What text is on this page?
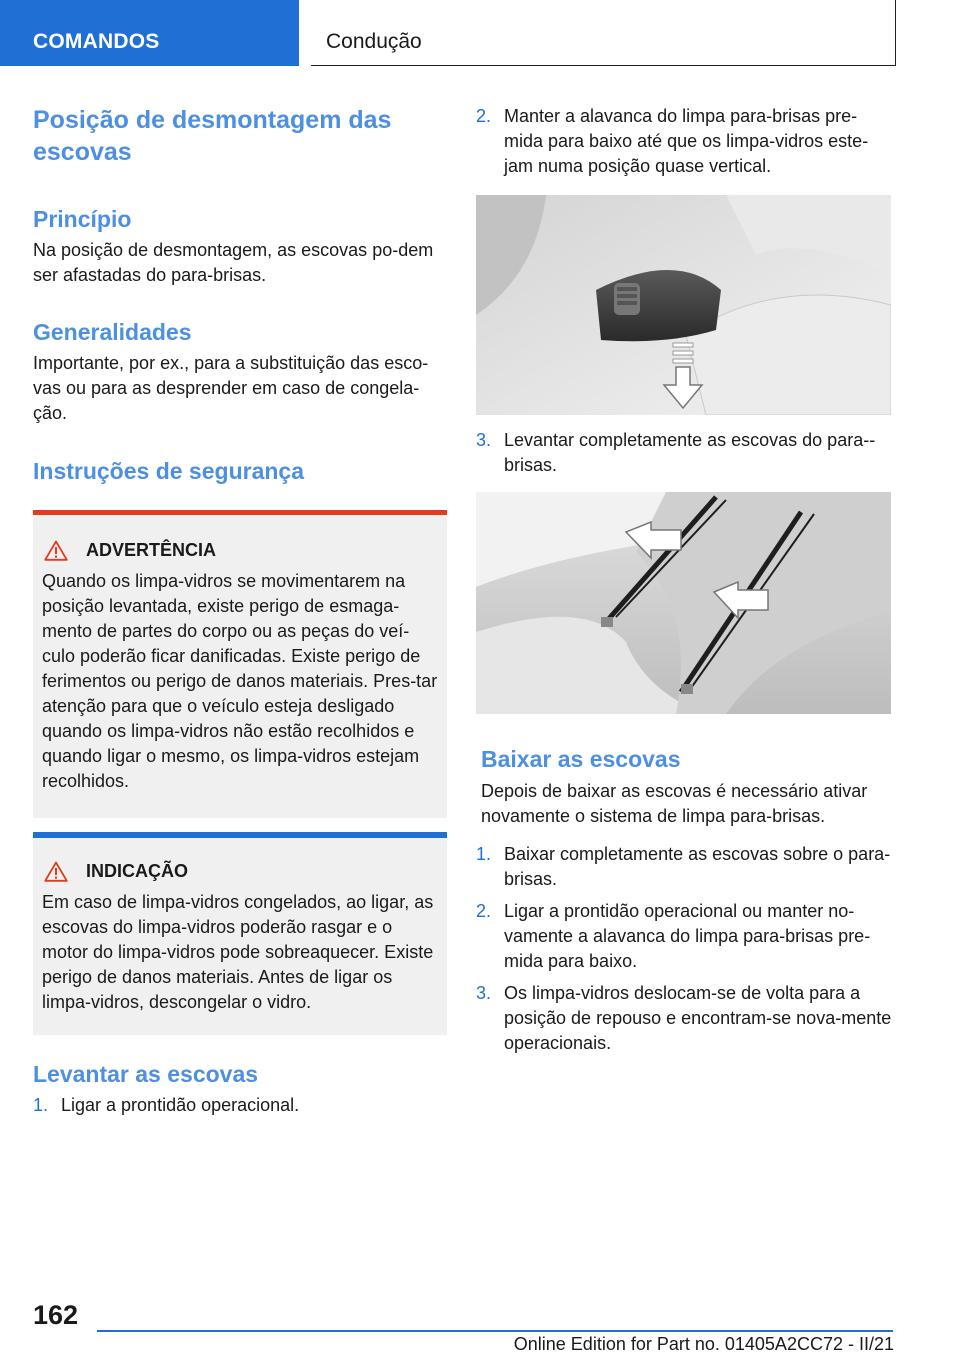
COMANDOS	Condução
Posição de desmontagem das escovas
Princípio

Na posição de desmontagem, as escovas po-dem ser afastadas do para-brisas.

Generalidades

Importante, por ex., para a substituição das esco-vas ou para as desprender em caso de congela-ção.

Instruções de segurança
ADVERTÊNCIA

Quando os limpa-vidros se movimentarem na posição levantada, existe perigo de esmaga-mento de partes do corpo ou as peças do veí-culo poderão ficar danificadas. Existe perigo de ferimentos ou perigo de danos materiais. Pres-tar atenção para que o veículo esteja desligado quando os limpa-vidros não estão recolhidos e quando ligar o mesmo, os limpa-vidros estejam recolhidos.

INDICAÇÃO

Em caso de limpa-vidros congelados, ao ligar, as escovas do limpa-vidros poderão rasgar e o motor do limpa-vidros pode sobreaquecer. Existe perigo de danos materiais. Antes de ligar os limpa-vidros, descongelar o vidro.

Levantar as escovas
1. Ligar a prontidão operacional.
2. Manter a alavanca do limpa para-brisas pre-mida para baixo até que os limpa-vidros este-jam numa posição quase vertical.
3. Levantar completamente as escovas do para--brisas.
Baixar as escovas

Depois de baixar as escovas é necessário ativar novamente o sistema de limpa para-brisas.

1. Baixar completamente as escovas sobre o para-brisas.
2. Ligar a prontidão operacional ou manter no-vamente a alavanca do limpa para-brisas pre-mida para baixo.
3. Os limpa-vidros deslocam-se de volta para a posição de repouso e encontram-se nova-mente operacionais.
162
Online Edition for Part no. 01405A2CC72 - II/21
